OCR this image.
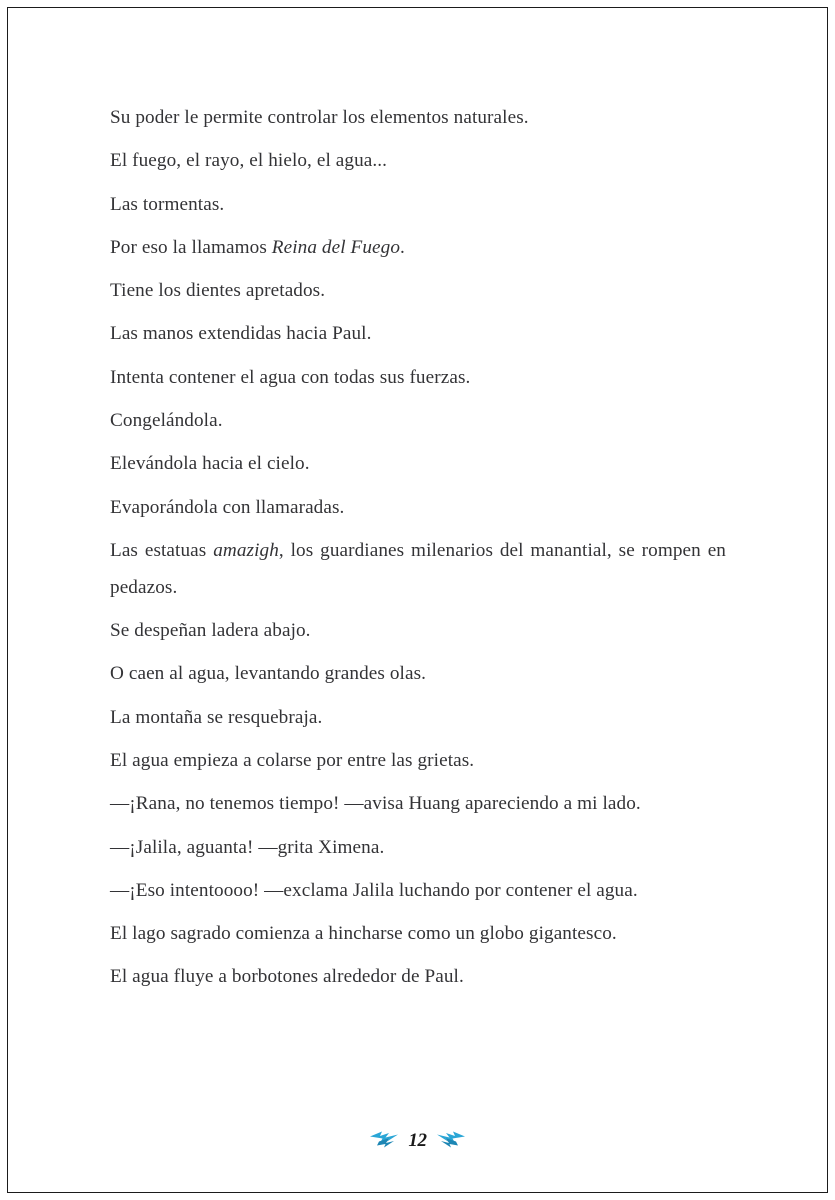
Su poder le permite controlar los elementos naturales.

El fuego, el rayo, el hielo, el agua...

Las tormentas.

Por eso la llamamos Reina del Fuego.

Tiene los dientes apretados.

Las manos extendidas hacia Paul.

Intenta contener el agua con todas sus fuerzas.

Congelándola.

Elevándola hacia el cielo.

Evaporándola con llamaradas.

Las estatuas amazigh, los guardianes milenarios del manantial, se rompen en pedazos.

Se despeñan ladera abajo.

O caen al agua, levantando grandes olas.

La montaña se resquebraja.

El agua empieza a colarse por entre las grietas.

—¡Rana, no tenemos tiempo! —avisa Huang apareciendo a mi lado.

—¡Jalila, aguanta! —grita Ximena.

—¡Eso intentoooo! —exclama Jalila luchando por contener el agua.

El lago sagrado comienza a hincharse como un globo gigantesco.

El agua fluye a borbotones alrededor de Paul.

12
